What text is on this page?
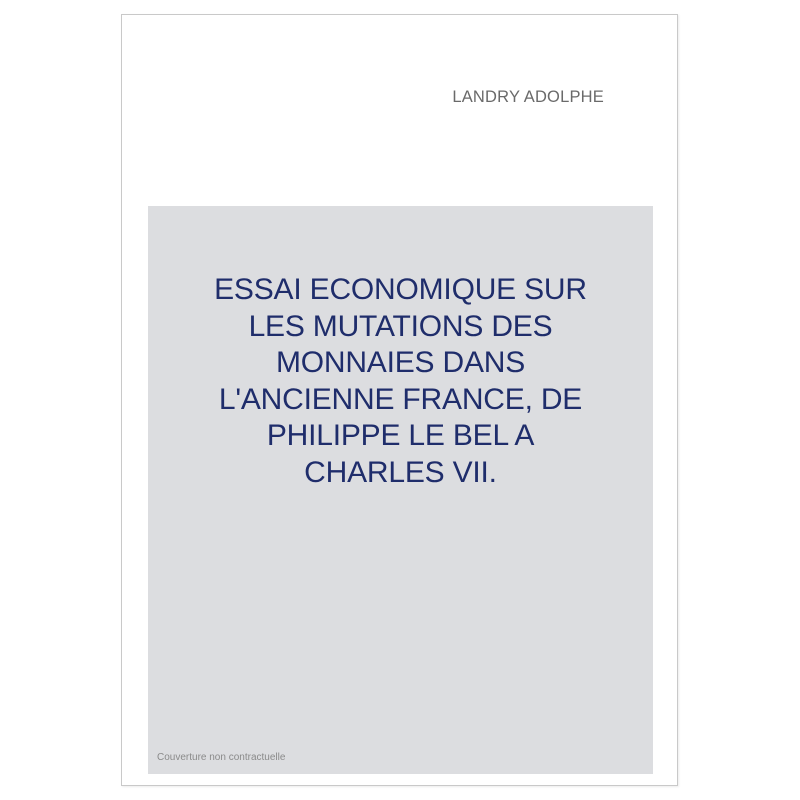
LANDRY ADOLPHE
ESSAI ECONOMIQUE SUR
LES MUTATIONS DES
MONNAIES DANS
L'ANCIENNE FRANCE, DE
PHILIPPE LE BEL A
CHARLES VII.
Couverture non contractuelle
